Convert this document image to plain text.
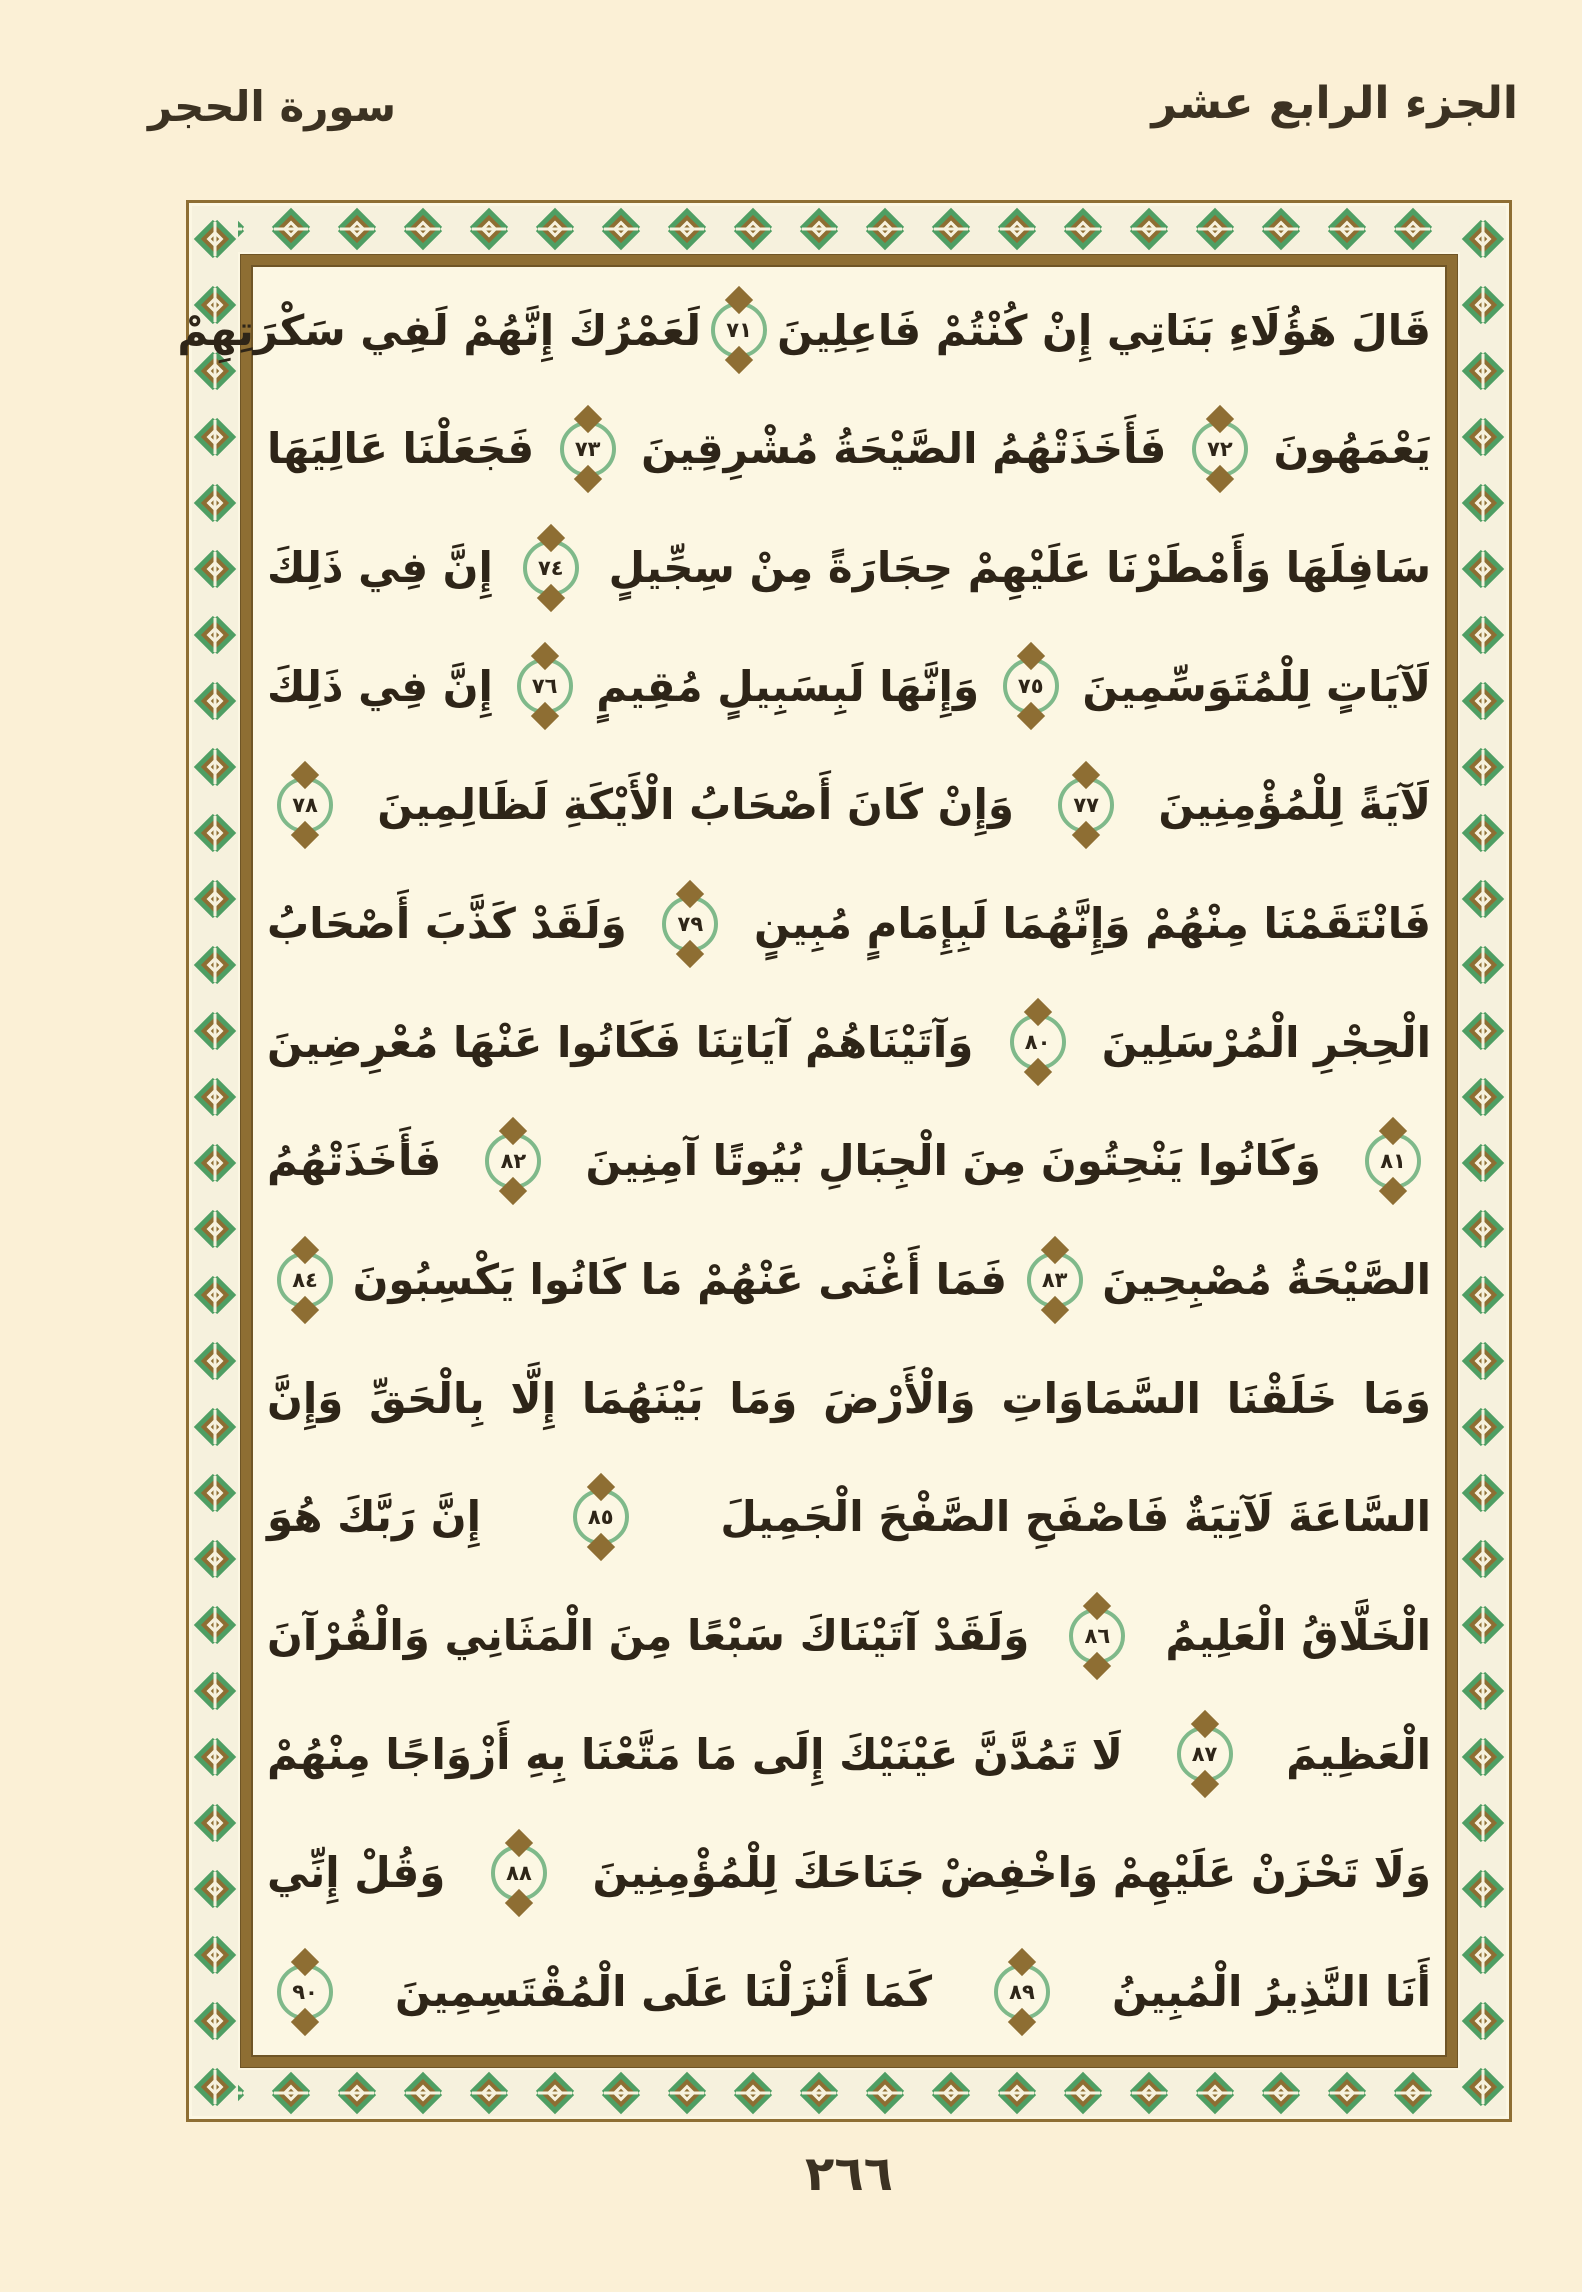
سورة الحجر	الجزء الرابع عشر
قَالَ هَؤُلَاءِ بَنَاتِي إِنْ كُنْتُمْ فَاعِلِينَ
٧١
لَعَمْرُكَ إِنَّهُمْ لَفِي سَكْرَتِهِمْ
يَعْمَهُونَ
٧٢
فَأَخَذَتْهُمُ الصَّيْحَةُ مُشْرِقِينَ
٧٣
فَجَعَلْنَا عَالِيَهَا
سَافِلَهَا وَأَمْطَرْنَا عَلَيْهِمْ حِجَارَةً مِنْ سِجِّيلٍ
٧٤
إِنَّ فِي ذَلِكَ
لَآيَاتٍ لِلْمُتَوَسِّمِينَ
٧٥
وَإِنَّهَا لَبِسَبِيلٍ مُقِيمٍ
٧٦
إِنَّ فِي ذَلِكَ
لَآيَةً لِلْمُؤْمِنِينَ
٧٧
وَإِنْ كَانَ أَصْحَابُ الْأَيْكَةِ لَظَالِمِينَ
٧٨
فَانْتَقَمْنَا مِنْهُمْ وَإِنَّهُمَا لَبِإِمَامٍ مُبِينٍ
٧٩
وَلَقَدْ كَذَّبَ أَصْحَابُ
الْحِجْرِ الْمُرْسَلِينَ
٨٠
وَآتَيْنَاهُمْ آيَاتِنَا فَكَانُوا عَنْهَا مُعْرِضِينَ
٨١
وَكَانُوا يَنْحِتُونَ مِنَ الْجِبَالِ بُيُوتًا آمِنِينَ
٨٢
فَأَخَذَتْهُمُ
الصَّيْحَةُ مُصْبِحِينَ
٨٣
فَمَا أَغْنَى عَنْهُمْ مَا كَانُوا يَكْسِبُونَ
٨٤
وَمَا خَلَقْنَا السَّمَاوَاتِ وَالْأَرْضَ وَمَا بَيْنَهُمَا إِلَّا بِالْحَقِّ وَإِنَّ
السَّاعَةَ لَآتِيَةٌ فَاصْفَحِ الصَّفْحَ الْجَمِيلَ
٨٥
إِنَّ رَبَّكَ هُوَ
الْخَلَّاقُ الْعَلِيمُ
٨٦
وَلَقَدْ آتَيْنَاكَ سَبْعًا مِنَ الْمَثَانِي وَالْقُرْآنَ
الْعَظِيمَ
٨٧
لَا تَمُدَّنَّ عَيْنَيْكَ إِلَى مَا مَتَّعْنَا بِهِ أَزْوَاجًا مِنْهُمْ
وَلَا تَحْزَنْ عَلَيْهِمْ وَاخْفِضْ جَنَاحَكَ لِلْمُؤْمِنِينَ
٨٨
وَقُلْ إِنِّي
أَنَا النَّذِيرُ الْمُبِينُ
٨٩
كَمَا أَنْزَلْنَا عَلَى الْمُقْتَسِمِينَ
٩٠
٢٦٦
